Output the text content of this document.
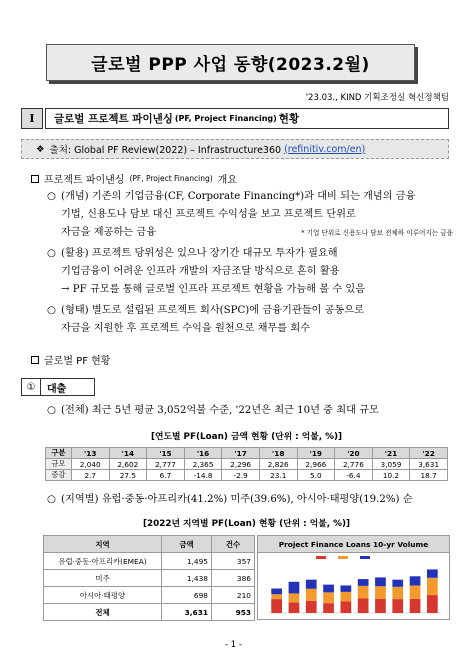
글로벌 PPP 사업 동향(2023.2월)
'23.03., KIND 기획조정실 혁신정책팀
Ⅰ	글로벌 프로젝트 파이낸싱 (PF, Project Financing) 현황
❖ 출처: Global PF Review(2022) – Infrastructure360 (refinitiv.com/en)
프로젝트 파이낸싱 (PF, Project Financing) 개요
○ (개념) 기존의 기업금융(CF, Corporate Financing*)과 대비 되는 개념의 금융
기법, 신용도나 담보 대신 프로젝트 수익성을 보고 프로젝트 단위로
자금을 제공하는 금융	* 기업 단위로 신용도나 담보 전체하 이루어지는 금융
○ (활용) 프로젝트 당위성은 있으나 장기간 대규모 투자가 필요해
기업금융이 어려운 인프라 개발의 자금조달 방식으로 흔히 활용
→ PF 규모를 통해 글로벌 인프라 프로젝트 현황을 가늠해 볼 수 있음
○ (형태) 별도로 설립된 프로젝트 회사(SPC)에 금융기관들이 공동으로
자금을 지원한 후 프로젝트 수익을 원천으로 채무를 회수
글로벌 PF 현황
①	대출
○ (전체) 최근 5년 평균 3,052억불 수준, '22년은 최근 10년 중 최대 규모
[연도별 PF(Loan) 금액 현황 (단위 : 억불, %)]
구분	'13	'14	'15	'16	'17	'18	'19	'20	'21	'22
규모	2,040	2,602	2,777	2,365	2,296	2,826	2,966	2,776	3,059	3,631
증감	2.7	27.5	6.7	-14.8	-2.9	23.1	5.0	-6.4	10.2	18.7
○ (지역별) 유럽·중동·아프리카(41.2%) 미주(39.6%), 아시아·태평양(19.2%) 순
[2022년 지역별 PF(Loan) 현황 (단위 : 억불, %)]
지역	금액	건수
유럽·중동·아프리카(EMEA)	1,495	357
미주	1,438	386
아시아·태평양	698	210
전체	3,631	953
Project Finance Loans 10-yr Volume
- 1 -
